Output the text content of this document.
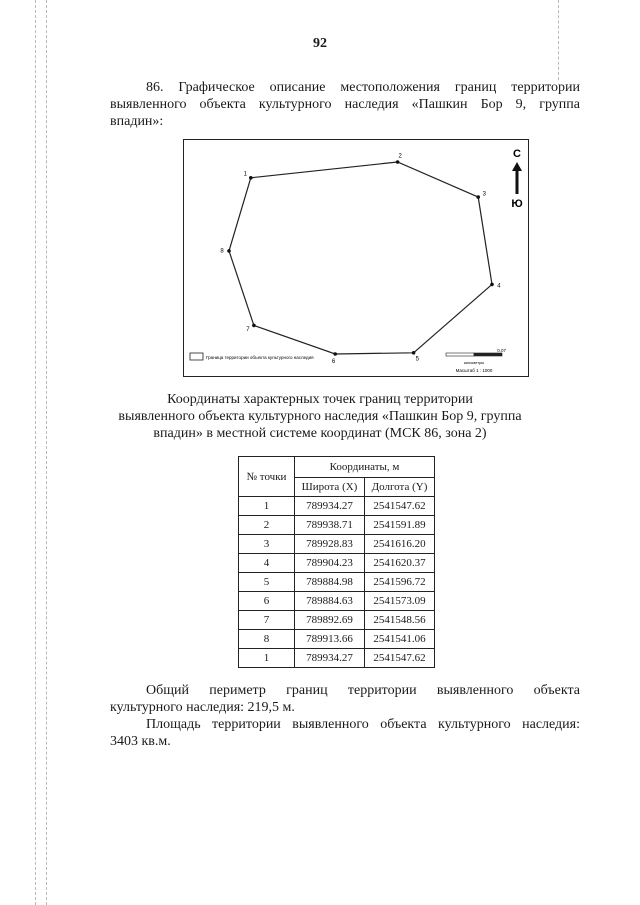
92
86. Графическое описание местоположения границ территории
выявленного объекта культурного наследия «Пашкин Бор 9, группа
впадин»:
1
2
3
4
5
6
7
8
С
Ю
Граница территории объекта культурного наследия
0.07
километры
Масштаб 1 : 1000
Координаты характерных точек границ территории
выявленного объекта культурного наследия «Пашкин Бор 9, группа
впадин» в местной системе координат (МСК 86, зона 2)
№ точки	Координаты, м	
	Широта (X)	Долгота (Y)
1	789934.27	2541547.62
2	789938.71	2541591.89
3	789928.83	2541616.20
4	789904.23	2541620.37
5	789884.98	2541596.72
6	789884.63	2541573.09
7	789892.69	2541548.56
8	789913.66	2541541.06
1	789934.27	2541547.62
Общий периметр границ территории выявленного объекта
культурного наследия: 219,5 м.
Площадь территории выявленного объекта культурного наследия:
3403 кв.м.
